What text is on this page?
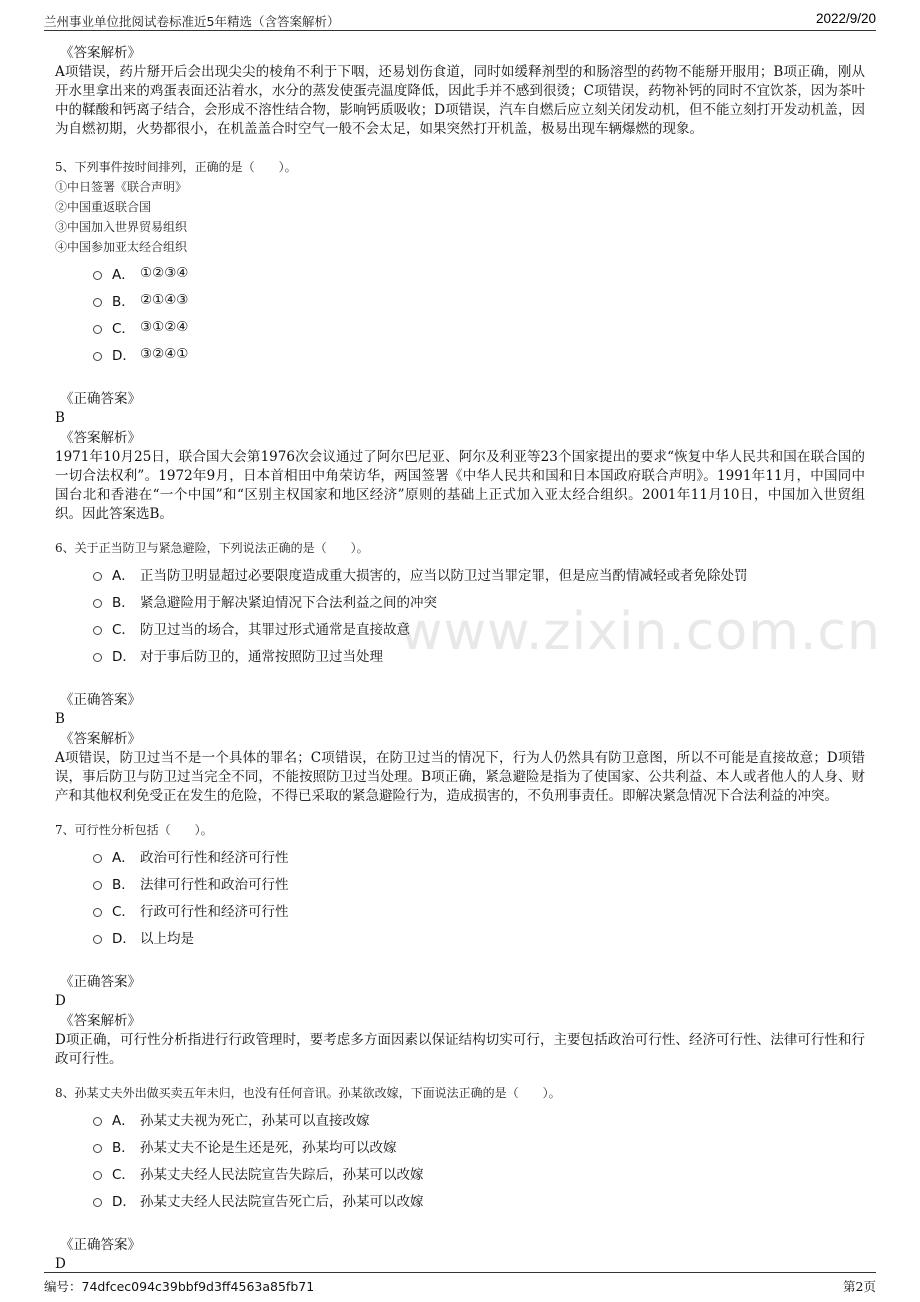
兰州事业单位批阅试卷标准近5年精选（含答案解析）	2022/9/20
www.zixin.com.cn
《答案解析》
A项错误，药片掰开后会出现尖尖的棱角不利于下咽，还易划伤食道，同时如缓释剂型的和肠溶型的药物不能掰开服用；B项正确，刚从开水里拿出来的鸡蛋表面还沾着水，水分的蒸发使蛋壳温度降低，因此手并不感到很烫；C项错误，药物补钙的同时不宜饮茶，因为茶叶中的鞣酸和钙离子结合，会形成不溶性结合物，影响钙质吸收；D项错误，汽车自燃后应立刻关闭发动机，但不能立刻打开发动机盖，因为自燃初期，火势都很小，在机盖盖合时空气一般不会太足，如果突然打开机盖，极易出现车辆爆燃的现象。
5、下列事件按时间排列，正确的是（　　）。
①中日签署《联合声明》
②中国重返联合国
③中国加入世界贸易组织
④中国参加亚太经合组织
A． ①②③④
B． ②①④③
C． ③①②④
D． ③②④①
《正确答案》
B
《答案解析》
1971年10月25日，联合国大会第1976次会议通过了阿尔巴尼亚、阿尔及利亚等23个国家提出的要求“恢复中华人民共和国在联合国的一切合法权利”。1972年9月，日本首相田中角荣访华，两国签署《中华人民共和国和日本国政府联合声明》。1991年11月，中国同中国台北和香港在“一个中国”和“区别主权国家和地区经济”原则的基础上正式加入亚太经合组织。2001年11月10日，中国加入世贸组织。因此答案选B。
6、关于正当防卫与紧急避险，下列说法正确的是（　　）。
A． 正当防卫明显超过必要限度造成重大损害的，应当以防卫过当罪定罪，但是应当酌情减轻或者免除处罚
B． 紧急避险用于解决紧迫情况下合法利益之间的冲突
C． 防卫过当的场合，其罪过形式通常是直接故意
D． 对于事后防卫的，通常按照防卫过当处理
《正确答案》
B
《答案解析》
A项错误，防卫过当不是一个具体的罪名；C项错误，在防卫过当的情况下，行为人仍然具有防卫意图，所以不可能是直接故意；D项错误，事后防卫与防卫过当完全不同，不能按照防卫过当处理。B项正确，紧急避险是指为了使国家、公共利益、本人或者他人的人身、财产和其他权利免受正在发生的危险，不得已采取的紧急避险行为，造成损害的，不负刑事责任。即解决紧急情况下合法利益的冲突。
7、可行性分析包括（　　）。
A． 政治可行性和经济可行性
B． 法律可行性和政治可行性
C． 行政可行性和经济可行性
D． 以上均是
《正确答案》
D
《答案解析》
D项正确，可行性分析指进行行政管理时，要考虑多方面因素以保证结构切实可行，主要包括政治可行性、经济可行性、法律可行性和行政可行性。
8、孙某丈夫外出做买卖五年未归，也没有任何音讯。孙某欲改嫁，下面说法正确的是（　　）。
A． 孙某丈夫视为死亡，孙某可以直接改嫁
B． 孙某丈夫不论是生还是死，孙某均可以改嫁
C． 孙某丈夫经人民法院宣告失踪后，孙某可以改嫁
D． 孙某丈夫经人民法院宣告死亡后，孙某可以改嫁
《正确答案》
D
编号：74dfcec094c39bbf9d3ff4563a85fb71	第2页
